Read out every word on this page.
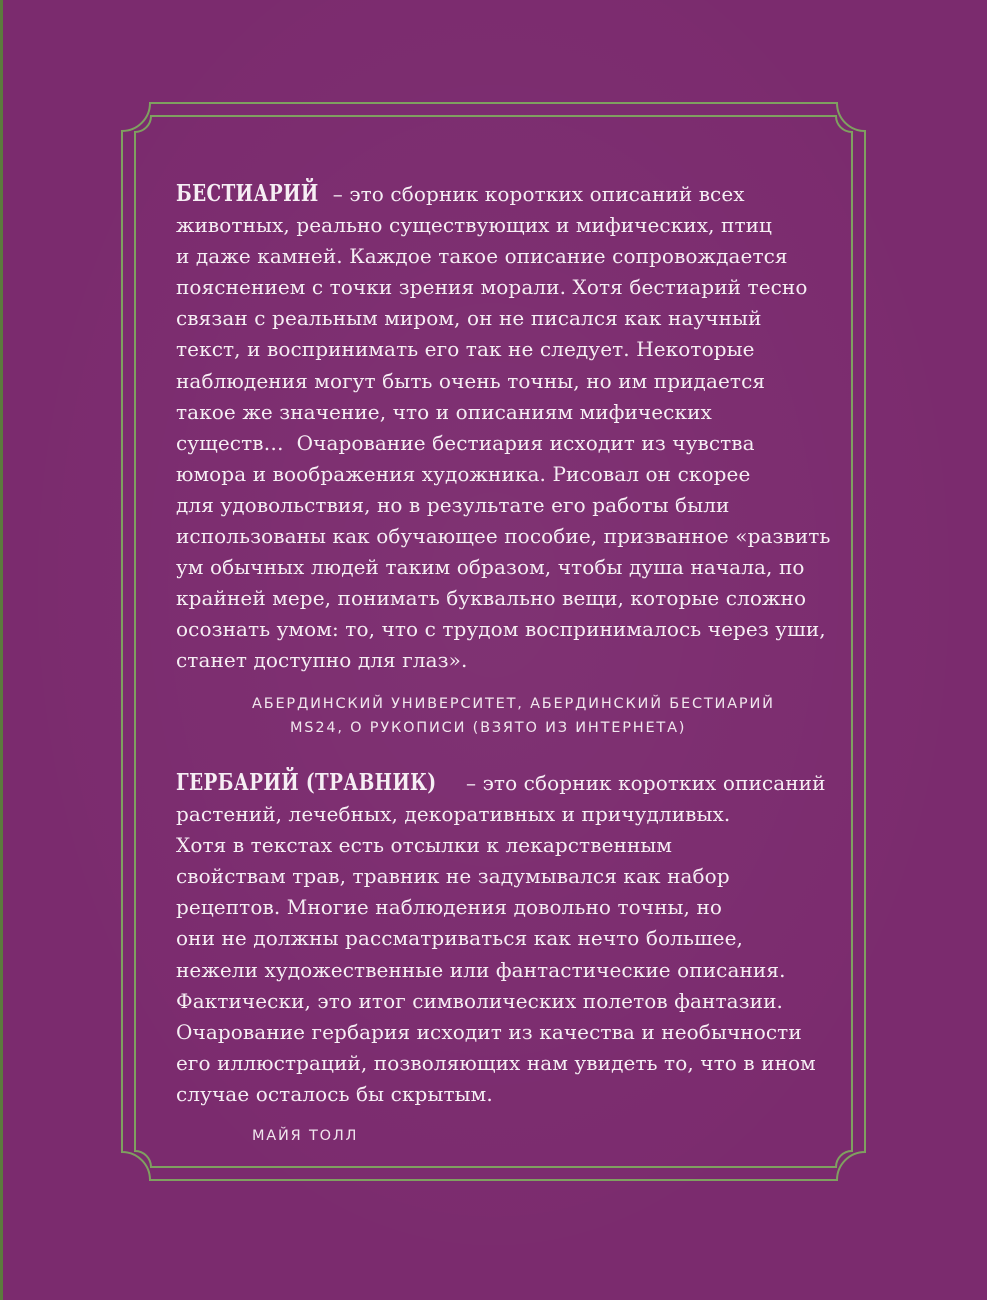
БЕСТИАРИЙ – это сборник коротких описаний всех
животных, реально существующих и мифических, птиц
и даже камней. Каждое такое описание сопровождается
пояснением с точки зрения морали. Хотя бестиарий тесно
связан с реальным миром, он не писался как научный
текст, и воспринимать его так не следует. Некоторые
наблюдения могут быть очень точны, но им придается
такое же значение, что и описаниям мифических
существ…  Очарование бестиария исходит из чувства
юмора и воображения художника. Рисовал он скорее
для удовольствия, но в результате его работы были
использованы как обучающее пособие, призванное «развить
ум обычных людей таким образом, чтобы душа начала, по
крайней мере, понимать буквально вещи, которые сложно
осознать умом: то, что с трудом воспринималось через уши,
станет доступно для глаз».
АБЕРДИНСКИЙ УНИВЕРСИТЕТ, АБЕРДИНСКИЙ БЕСТИАРИЙ
MS24, О РУКОПИСИ (ВЗЯТО ИЗ ИНТЕРНЕТА)
ГЕРБАРИЙ (ТРАВНИК) – это сборник коротких описаний
растений, лечебных, декоративных и причудливых.
Хотя в текстах есть отсылки к лекарственным
свойствам трав, травник не задумывался как набор
рецептов. Многие наблюдения довольно точны, но
они не должны рассматриваться как нечто большее,
нежели художественные или фантастические описания.
Фактически, это итог символических полетов фантазии.
Очарование гербария исходит из качества и необычности
его иллюстраций, позволяющих нам увидеть то, что в ином
случае осталось бы скрытым.
МАЙЯ ТОЛЛ
